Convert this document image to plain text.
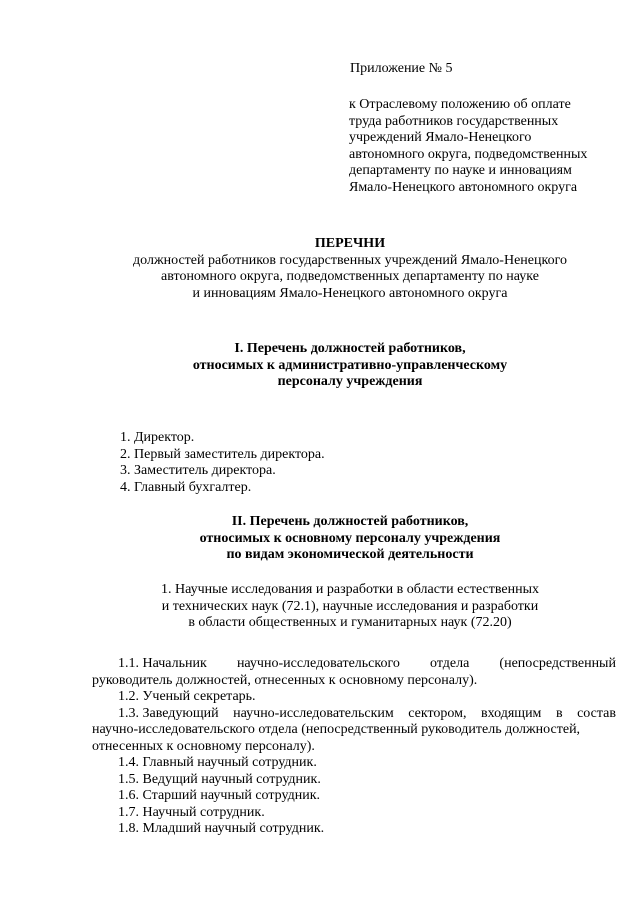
Приложение № 5
к Отраслевому положению об оплате
труда работников государственных
учреждений Ямало-Ненецкого
автономного округа, подведомственных
департаменту по науке и инновациям
Ямало-Ненецкого автономного округа
ПЕРЕЧНИ
должностей работников государственных учреждений Ямало-Ненецкого
автономного округа, подведомственных департаменту по науке
и инновациям Ямало-Ненецкого автономного округа
I. Перечень должностей работников,
относимых к административно-управленческому
персоналу учреждения
1. Директор.
2. Первый заместитель директора.
3. Заместитель директора.
4. Главный бухгалтер.
II. Перечень должностей работников,
относимых к основному персоналу учреждения
по видам экономической деятельности
1. Научные исследования и разработки в области естественных
и технических наук (72.1), научные исследования и разработки
в области общественных и гуманитарных наук (72.20)
1.1. Начальник научно-исследовательского отдела (непосредственный
руководитель должностей, отнесенных к основному персоналу).
1.2. Ученый секретарь.
1.3. Заведующий научно-исследовательским сектором, входящим в состав
научно-исследовательского отдела (непосредственный руководитель должностей,
отнесенных к основному персоналу).
1.4. Главный научный сотрудник.
1.5. Ведущий научный сотрудник.
1.6. Старший научный сотрудник.
1.7. Научный сотрудник.
1.8. Младший научный сотрудник.
